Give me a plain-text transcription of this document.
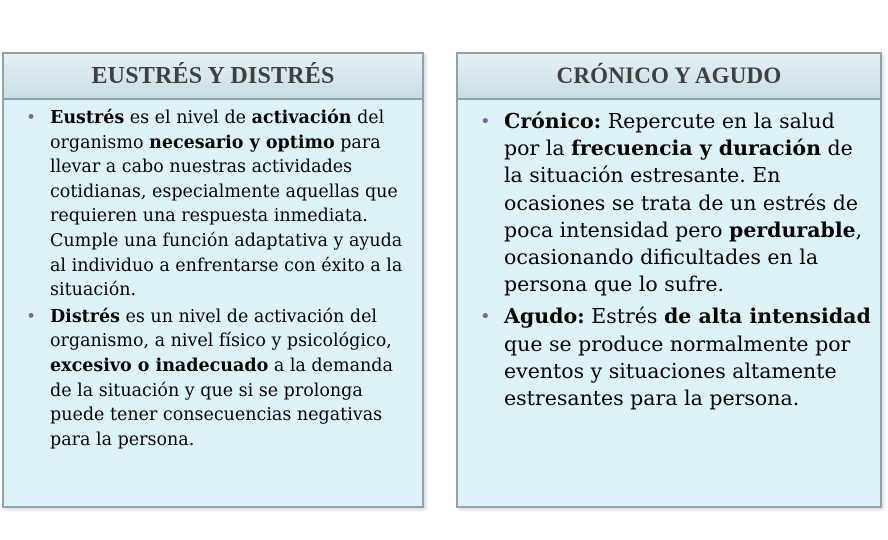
EUSTRÉS Y DISTRÉS
• Eustrés es el nivel de activación del organismo necesario y optimo para llevar a cabo nuestras actividades cotidianas, especialmente aquellas que requieren una respuesta inmediata. Cumple una función adaptativa y ayuda al individuo a enfrentarse con éxito a la situación.
• Distrés es un nivel de activación del organismo, a nivel físico y psicológico, excesivo o inadecuado a la demanda de la situación y que si se prolonga puede tener consecuencias negativas para la persona.
CRÓNICO Y AGUDO
• Crónico: Repercute en la salud por la frecuencia y duración de la situación estresante. En ocasiones se trata de un estrés de poca intensidad pero perdurable, ocasionando dificultades en la persona que lo sufre.
• Agudo: Estrés de alta intensidad que se produce normalmente por eventos y situaciones altamente estresantes para la persona.
